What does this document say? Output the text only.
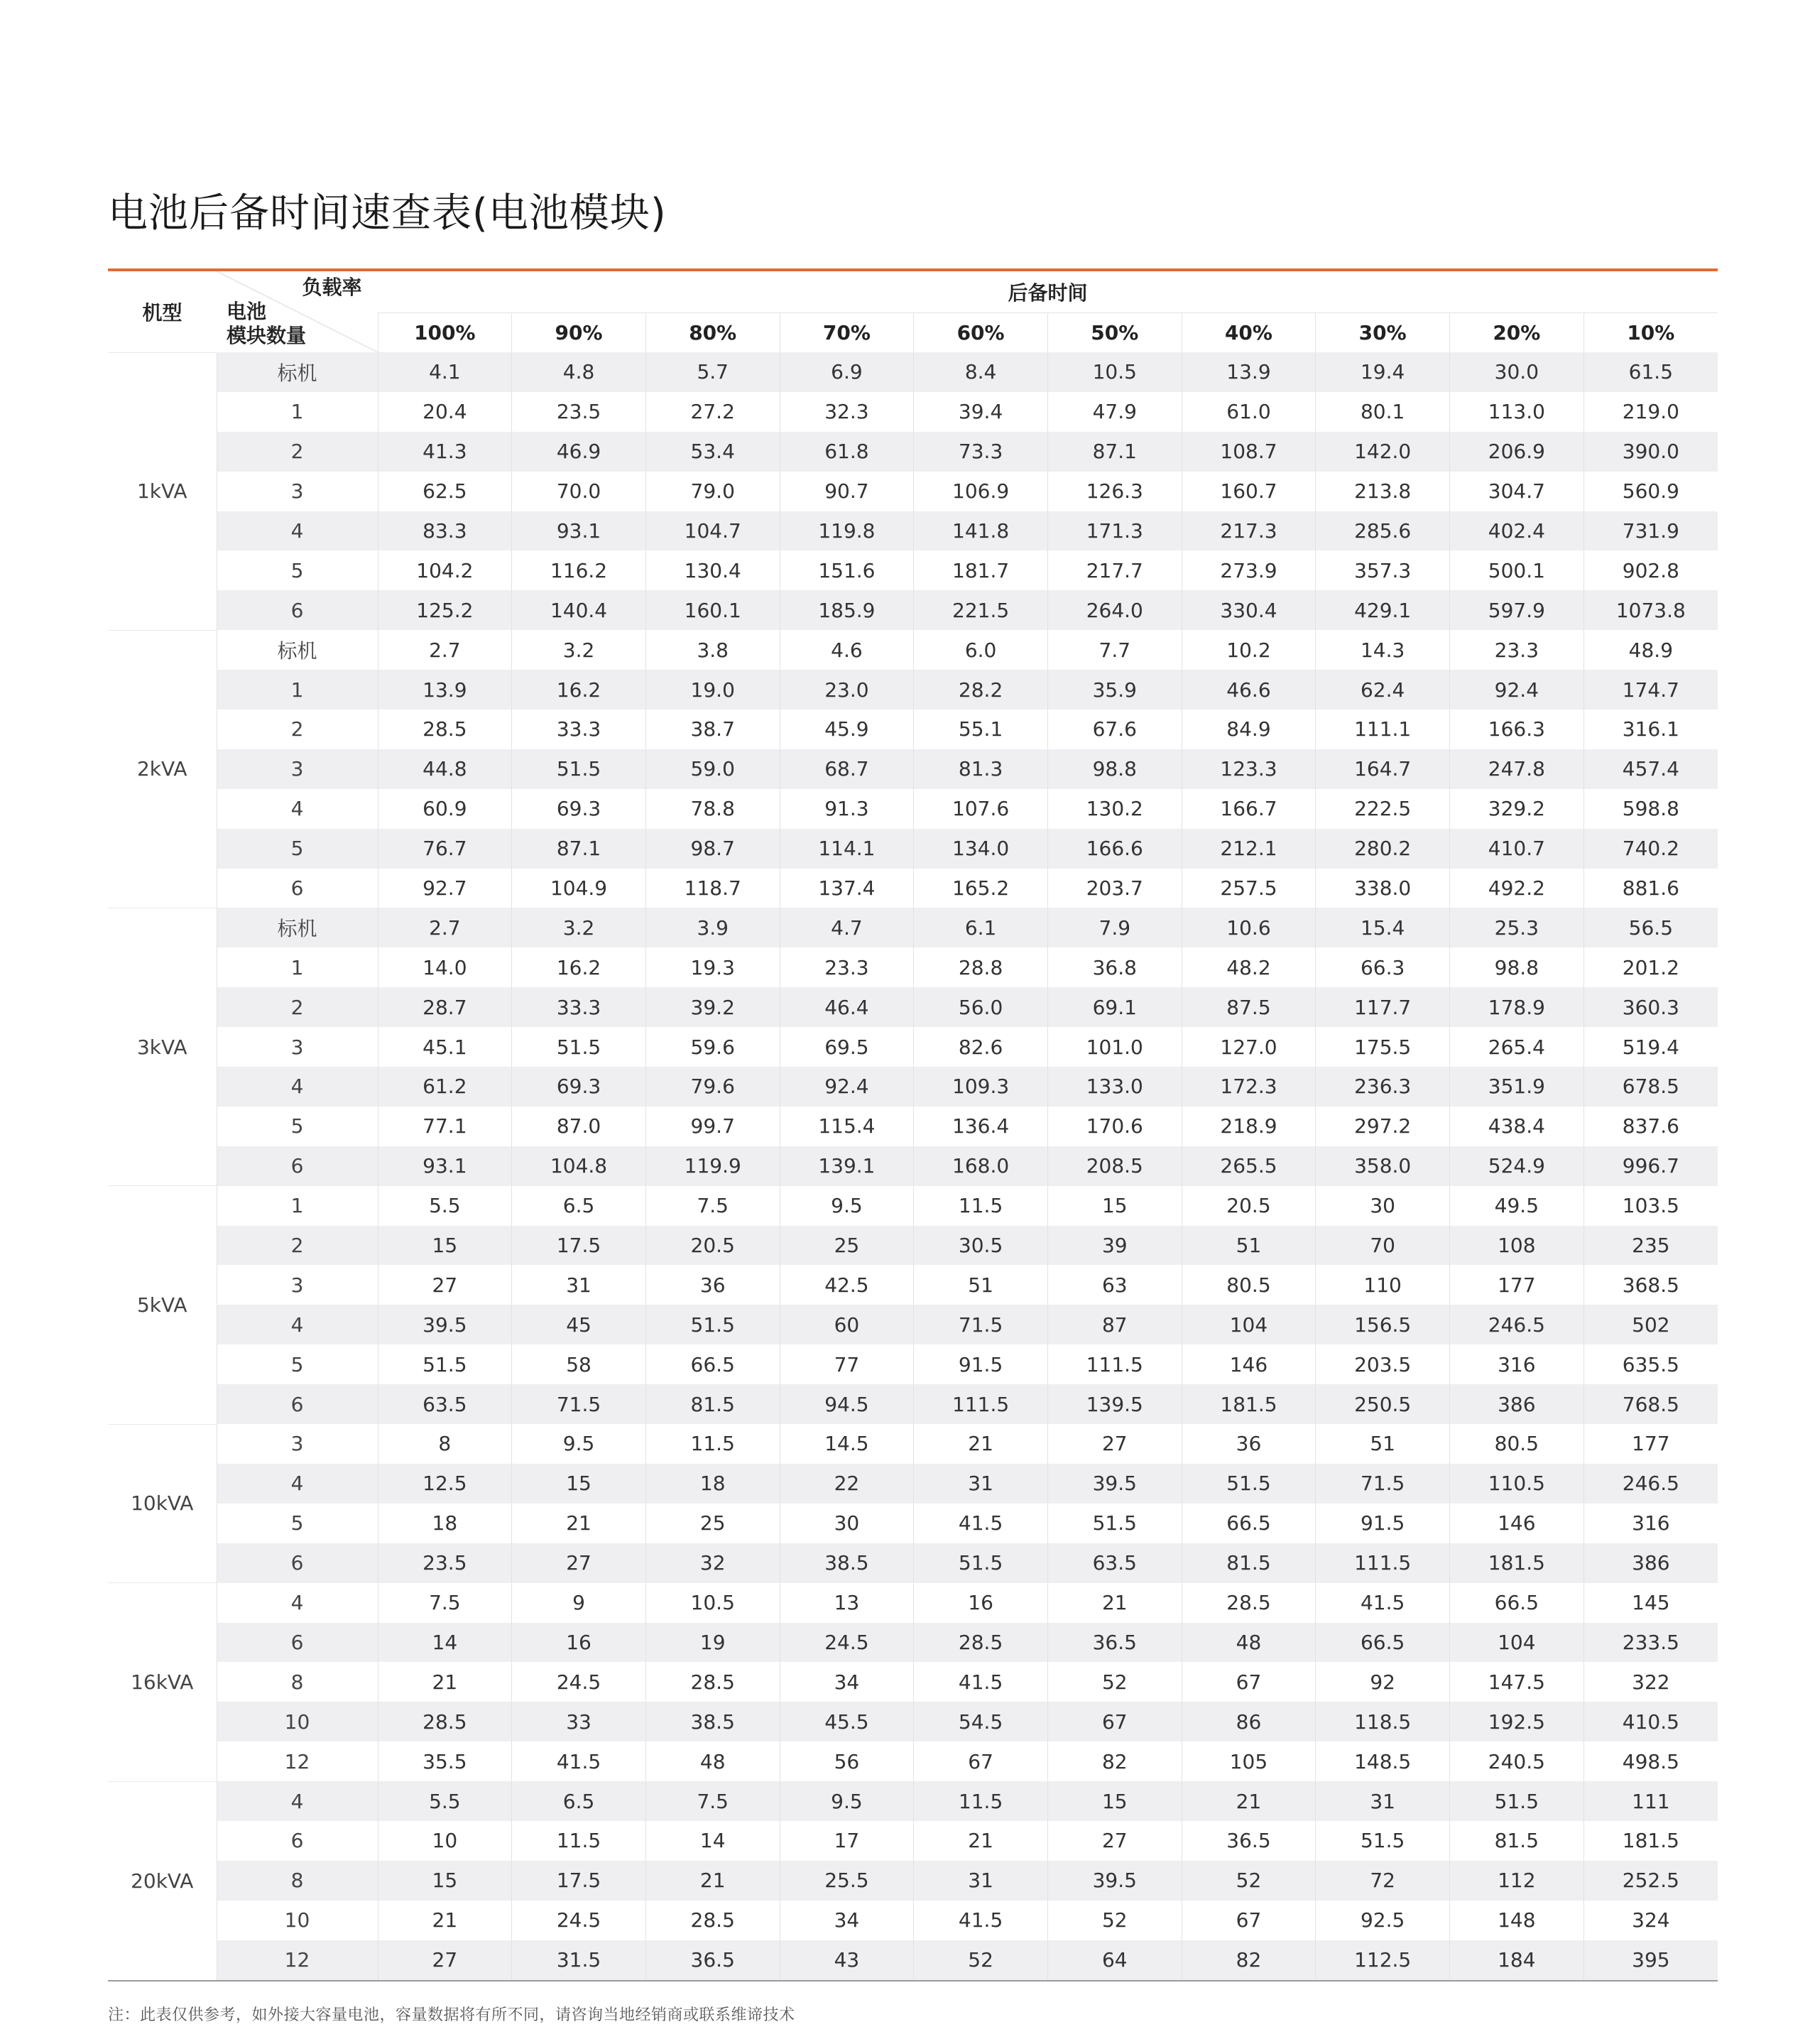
电池后备时间速查表(电池模块)
机型	负载率
电池
模块数量	后备时间									
		100%	90%	80%	70%	60%	50%	40%	30%	20%	10%
1kVA	标机	4.1	4.8	5.7	6.9	8.4	10.5	13.9	19.4	30.0	61.5
	1	20.4	23.5	27.2	32.3	39.4	47.9	61.0	80.1	113.0	219.0
	2	41.3	46.9	53.4	61.8	73.3	87.1	108.7	142.0	206.9	390.0
	3	62.5	70.0	79.0	90.7	106.9	126.3	160.7	213.8	304.7	560.9
	4	83.3	93.1	104.7	119.8	141.8	171.3	217.3	285.6	402.4	731.9
	5	104.2	116.2	130.4	151.6	181.7	217.7	273.9	357.3	500.1	902.8
	6	125.2	140.4	160.1	185.9	221.5	264.0	330.4	429.1	597.9	1073.8
2kVA	标机	2.7	3.2	3.8	4.6	6.0	7.7	10.2	14.3	23.3	48.9
	1	13.9	16.2	19.0	23.0	28.2	35.9	46.6	62.4	92.4	174.7
	2	28.5	33.3	38.7	45.9	55.1	67.6	84.9	111.1	166.3	316.1
	3	44.8	51.5	59.0	68.7	81.3	98.8	123.3	164.7	247.8	457.4
	4	60.9	69.3	78.8	91.3	107.6	130.2	166.7	222.5	329.2	598.8
	5	76.7	87.1	98.7	114.1	134.0	166.6	212.1	280.2	410.7	740.2
	6	92.7	104.9	118.7	137.4	165.2	203.7	257.5	338.0	492.2	881.6
3kVA	标机	2.7	3.2	3.9	4.7	6.1	7.9	10.6	15.4	25.3	56.5
	1	14.0	16.2	19.3	23.3	28.8	36.8	48.2	66.3	98.8	201.2
	2	28.7	33.3	39.2	46.4	56.0	69.1	87.5	117.7	178.9	360.3
	3	45.1	51.5	59.6	69.5	82.6	101.0	127.0	175.5	265.4	519.4
	4	61.2	69.3	79.6	92.4	109.3	133.0	172.3	236.3	351.9	678.5
	5	77.1	87.0	99.7	115.4	136.4	170.6	218.9	297.2	438.4	837.6
	6	93.1	104.8	119.9	139.1	168.0	208.5	265.5	358.0	524.9	996.7
5kVA	1	5.5	6.5	7.5	9.5	11.5	15	20.5	30	49.5	103.5
	2	15	17.5	20.5	25	30.5	39	51	70	108	235
	3	27	31	36	42.5	51	63	80.5	110	177	368.5
	4	39.5	45	51.5	60	71.5	87	104	156.5	246.5	502
	5	51.5	58	66.5	77	91.5	111.5	146	203.5	316	635.5
	6	63.5	71.5	81.5	94.5	111.5	139.5	181.5	250.5	386	768.5
10kVA	3	8	9.5	11.5	14.5	21	27	36	51	80.5	177
	4	12.5	15	18	22	31	39.5	51.5	71.5	110.5	246.5
	5	18	21	25	30	41.5	51.5	66.5	91.5	146	316
	6	23.5	27	32	38.5	51.5	63.5	81.5	111.5	181.5	386
16kVA	4	7.5	9	10.5	13	16	21	28.5	41.5	66.5	145
	6	14	16	19	24.5	28.5	36.5	48	66.5	104	233.5
	8	21	24.5	28.5	34	41.5	52	67	92	147.5	322
	10	28.5	33	38.5	45.5	54.5	67	86	118.5	192.5	410.5
	12	35.5	41.5	48	56	67	82	105	148.5	240.5	498.5
20kVA	4	5.5	6.5	7.5	9.5	11.5	15	21	31	51.5	111
	6	10	11.5	14	17	21	27	36.5	51.5	81.5	181.5
	8	15	17.5	21	25.5	31	39.5	52	72	112	252.5
	10	21	24.5	28.5	34	41.5	52	67	92.5	148	324
	12	27	31.5	36.5	43	52	64	82	112.5	184	395

注：此表仅供参考，如外接大容量电池，容量数据将有所不同，请咨询当地经销商或联系维谛技术
